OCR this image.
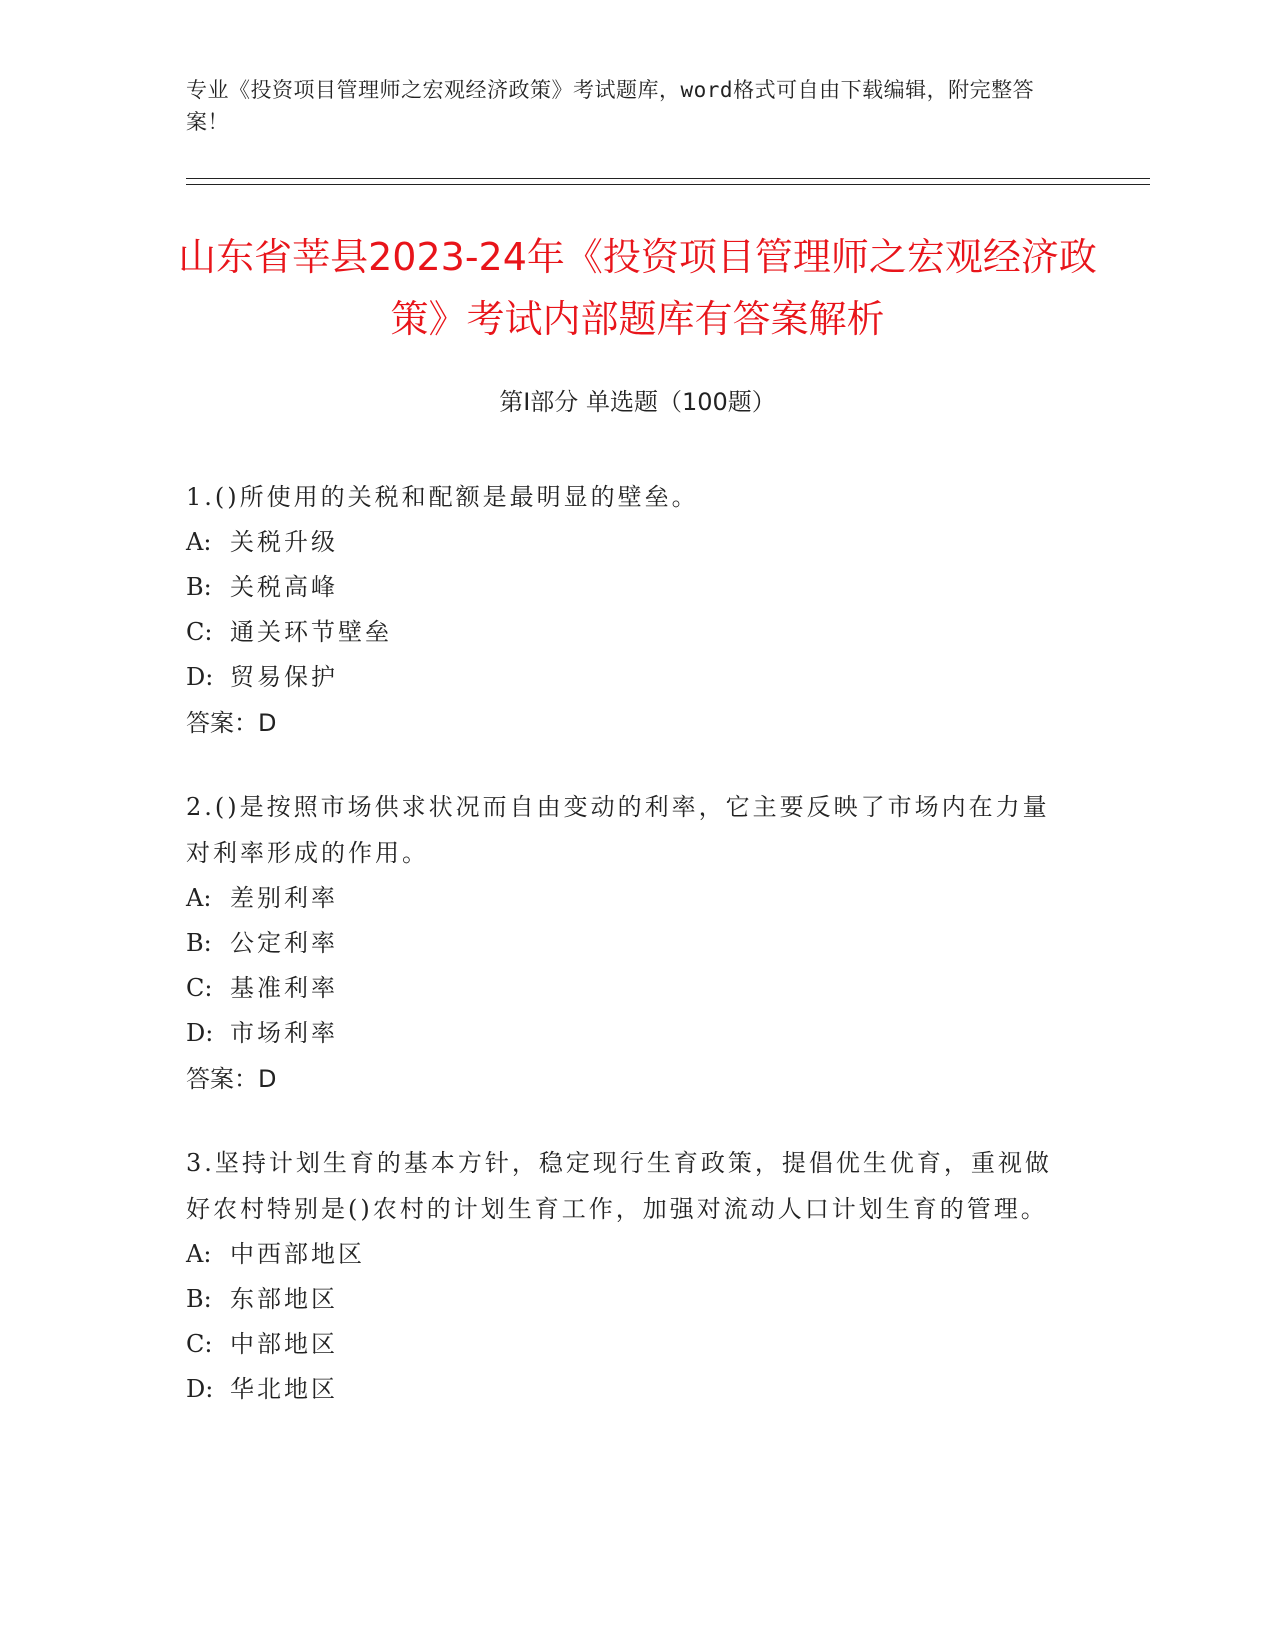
专业《投资项目管理师之宏观经济政策》考试题库，word格式可自由下载编辑，附完整答案！
山东省莘县2023-24年《投资项目管理师之宏观经济政策》考试内部题库有答案解析
第Ⅰ部分 单选题（100题）
1.()所使用的关税和配额是最明显的壁垒。
A: 关税升级
B: 关税高峰
C: 通关环节壁垒
D: 贸易保护
答案：D
2.()是按照市场供求状况而自由变动的利率，它主要反映了市场内在力量对利率形成的作用。
A: 差别利率
B: 公定利率
C: 基准利率
D: 市场利率
答案：D
3.坚持计划生育的基本方针，稳定现行生育政策，提倡优生优育，重视做好农村特别是()农村的计划生育工作，加强对流动人口计划生育的管理。
A: 中西部地区
B: 东部地区
C: 中部地区
D: 华北地区
